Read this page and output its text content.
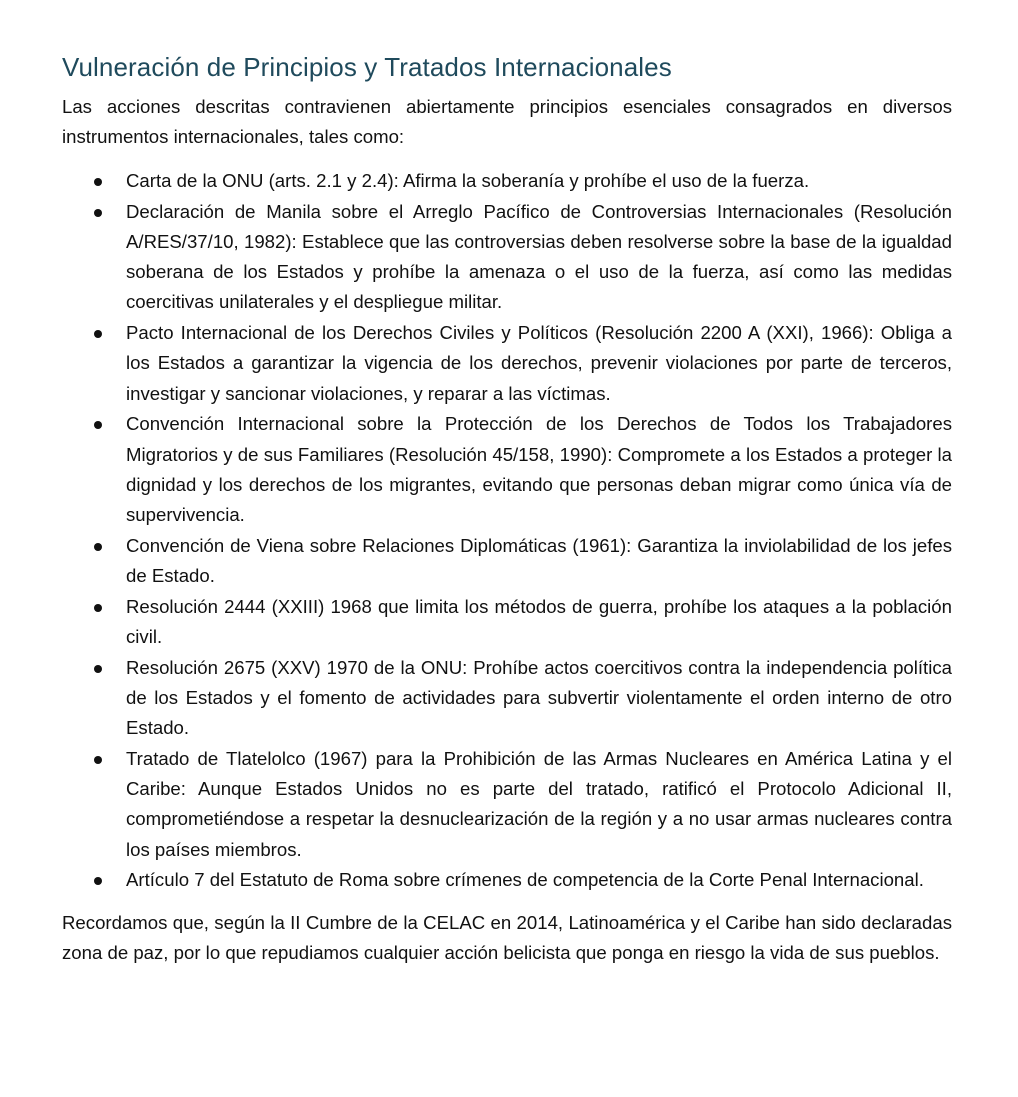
Vulneración de Principios y Tratados Internacionales

Las acciones descritas contravienen abiertamente principios esenciales consagrados en diversos instrumentos internacionales, tales como:

Carta de la ONU (arts. 2.1 y 2.4): Afirma la soberanía y prohíbe el uso de la fuerza.
Declaración de Manila sobre el Arreglo Pacífico de Controversias Internacionales (Resolución A/RES/37/10, 1982): Establece que las controversias deben resolverse sobre la base de la igualdad soberana de los Estados y prohíbe la amenaza o el uso de la fuerza, así como las medidas coercitivas unilaterales y el despliegue militar.
Pacto Internacional de los Derechos Civiles y Políticos (Resolución 2200 A (XXI), 1966): Obliga a los Estados a garantizar la vigencia de los derechos, prevenir violaciones por parte de terceros, investigar y sancionar violaciones, y reparar a las víctimas.
Convención Internacional sobre la Protección de los Derechos de Todos los Trabajadores Migratorios y de sus Familiares (Resolución 45/158, 1990): Compromete a los Estados a proteger la dignidad y los derechos de los migrantes, evitando que personas deban migrar como única vía de supervivencia.
Convención de Viena sobre Relaciones Diplomáticas (1961): Garantiza la inviolabilidad de los jefes de Estado.
Resolución 2444 (XXIII) 1968 que limita los métodos de guerra, prohíbe los ataques a la población civil.
Resolución 2675 (XXV) 1970 de la ONU: Prohíbe actos coercitivos contra la independencia política de los Estados y el fomento de actividades para subvertir violentamente el orden interno de otro Estado.
Tratado de Tlatelolco (1967) para la Prohibición de las Armas Nucleares en América Latina y el Caribe: Aunque Estados Unidos no es parte del tratado, ratificó el Protocolo Adicional II, comprometiéndose a respetar la desnuclearización de la región y a no usar armas nucleares contra los países miembros.
Artículo 7 del Estatuto de Roma sobre crímenes de competencia de la Corte Penal Internacional.

Recordamos que, según la II Cumbre de la CELAC en 2014, Latinoamérica y el Caribe han sido declaradas zona de paz, por lo que repudiamos cualquier acción belicista que ponga en riesgo la vida de sus pueblos.
